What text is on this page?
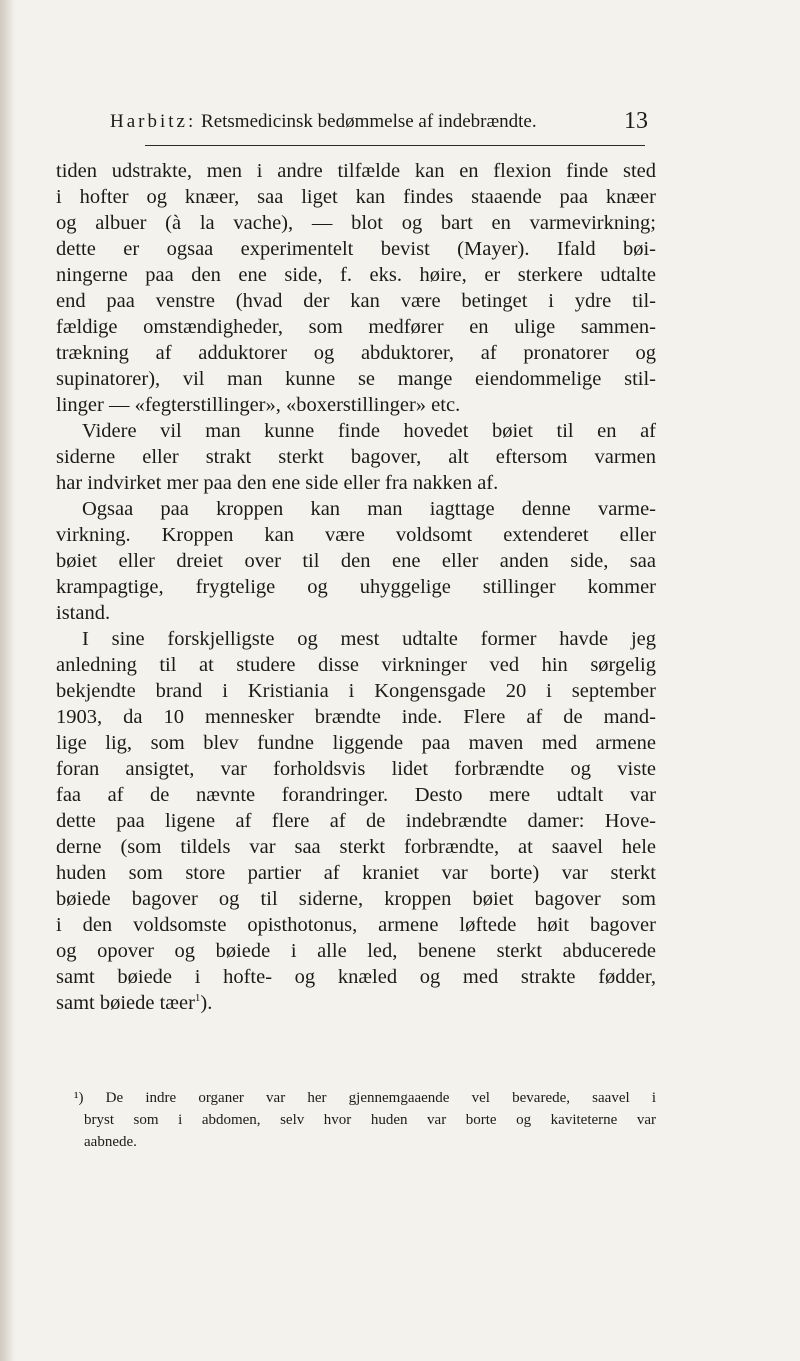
Harbitz: Retsmedicinsk bedømmelse af indebrændte.	13
tiden udstrakte, men i andre tilfælde kan en flexion finde sted
i hofter og knæer, saa liget kan findes staaende paa knæer
og albuer (à la vache), — blot og bart en varmevirkning;
dette er ogsaa experimentelt bevist (Mayer). Ifald bøi-
ningerne paa den ene side, f. eks. høire, er sterkere udtalte
end paa venstre (hvad der kan være betinget i ydre til-
fældige omstændigheder, som medfører en ulige sammen-
trækning af adduktorer og abduktorer, af pronatorer og
supinatorer), vil man kunne se mange eiendommelige stil-
linger — «fegterstillinger», «boxerstillinger» etc.
Videre vil man kunne finde hovedet bøiet til en af
siderne eller strakt sterkt bagover, alt eftersom varmen
har indvirket mer paa den ene side eller fra nakken af.
Ogsaa paa kroppen kan man iagttage denne varme-
virkning. Kroppen kan være voldsomt extenderet eller
bøiet eller dreiet over til den ene eller anden side, saa
krampagtige, frygtelige og uhyggelige stillinger kommer
istand.
I sine forskjelligste og mest udtalte former havde jeg
anledning til at studere disse virkninger ved hin sørgelig
bekjendte brand i Kristiania i Kongensgade 20 i september
1903, da 10 mennesker brændte inde. Flere af de mand-
lige lig, som blev fundne liggende paa maven med armene
foran ansigtet, var forholdsvis lidet forbrændte og viste
faa af de nævnte forandringer. Desto mere udtalt var
dette paa ligene af flere af de indebrændte damer: Hove-
derne (som tildels var saa sterkt forbrændte, at saavel hele
huden som store partier af kraniet var borte) var sterkt
bøiede bagover og til siderne, kroppen bøiet bagover som
i den voldsomste opisthotonus, armene løftede høit bagover
og opover og bøiede i alle led, benene sterkt abducerede
samt bøiede i hofte- og knæled og med strakte fødder,
samt bøiede tæer$^1$).
¹) De indre organer var her gjennemgaaende vel bevarede, saavel i
bryst som i abdomen, selv hvor huden var borte og kaviteterne var
aabnede.
